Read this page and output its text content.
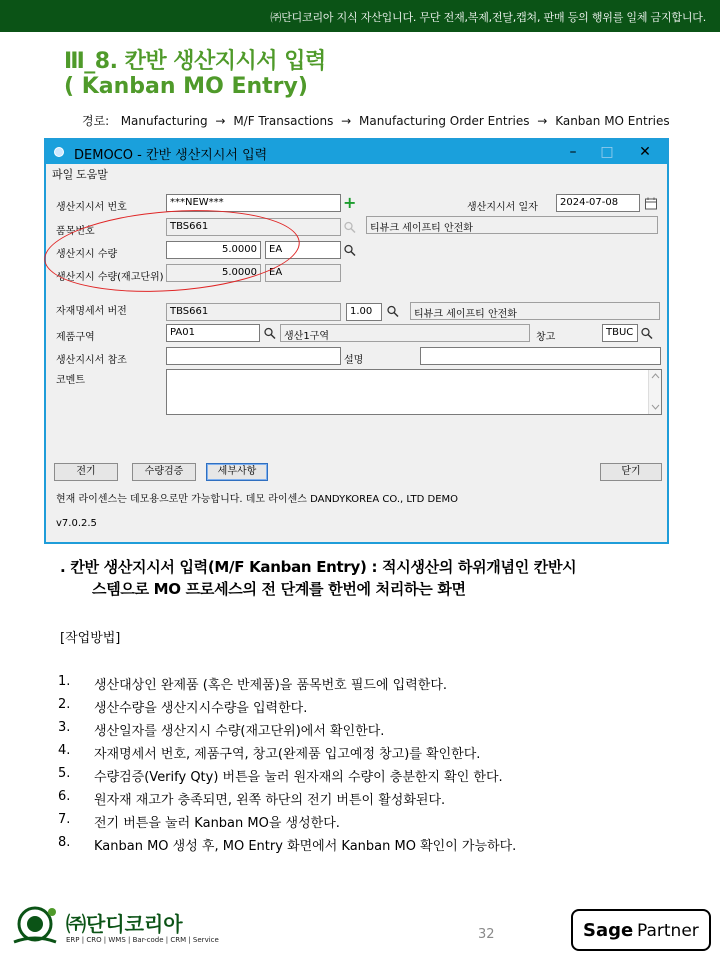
㈜단디코리아 지식 자산입니다. 무단 전재,복제,전달,캡쳐, 판매 등의 행위를 일체 금지합니다.
Ⅲ_8. 칸반 생산지시서 입력
( Kanban MO Entry)
경로: Manufacturing → M/F Transactions → Manufacturing Order Entries → Kanban MO Entries
DEMOCO - 칸반 생산지시서 입력	–	□	✕
파일 도움말
생산지시서 번호	***NEW***	+	생산지시서 일자	2024-07-08
품목번호	TBS661	티뷰크 세이프티 안전화
생산지시 수량	5.0000	EA
생산지시 수량(재고단위)	5.0000	EA
자재명세서 버전	TBS661	1.00	티뷰크 세이프티 안전화
제품구역	PA01	생산1구역	창고	TBUC
생산지시서 참조	설명
코멘트
전기	수량검증	세부사항	닫기
현재 라이센스는 데모용으로만 가능합니다. 데모 라이센스 DANDYKOREA CO., LTD DEMO
v7.0.2.5
. 칸반 생산지시서 입력(M/F Kanban Entry) : 적시생산의 하위개념인 칸반시
스템으로 MO 프로세스의 전 단계를 한번에 처리하는 화면
[작업방법]
1. 생산대상인 완제품 (혹은 반제품)을 품목번호 필드에 입력한다.
2. 생산수량을 생산지시수량을 입력한다.
3. 생산일자를 생산지시 수량(재고단위)에서 확인한다.
4. 자재명세서 번호, 제품구역, 창고(완제품 입고예정 창고)를 확인한다.
5. 수량검증(Verify Qty) 버튼을 눌러 원자재의 수량이 충분한지 확인 한다.
6. 원자재 재고가 충족되면, 왼쪽 하단의 전기 버튼이 활성화된다.
7. 전기 버튼을 눌러 Kanban MO을 생성한다.
8. Kanban MO 생성 후, MO Entry 화면에서 Kanban MO 확인이 가능하다.
㈜단디코리아
ERP | CRO | WMS | Bar-code | CRM | Service	32	Sage Partner
